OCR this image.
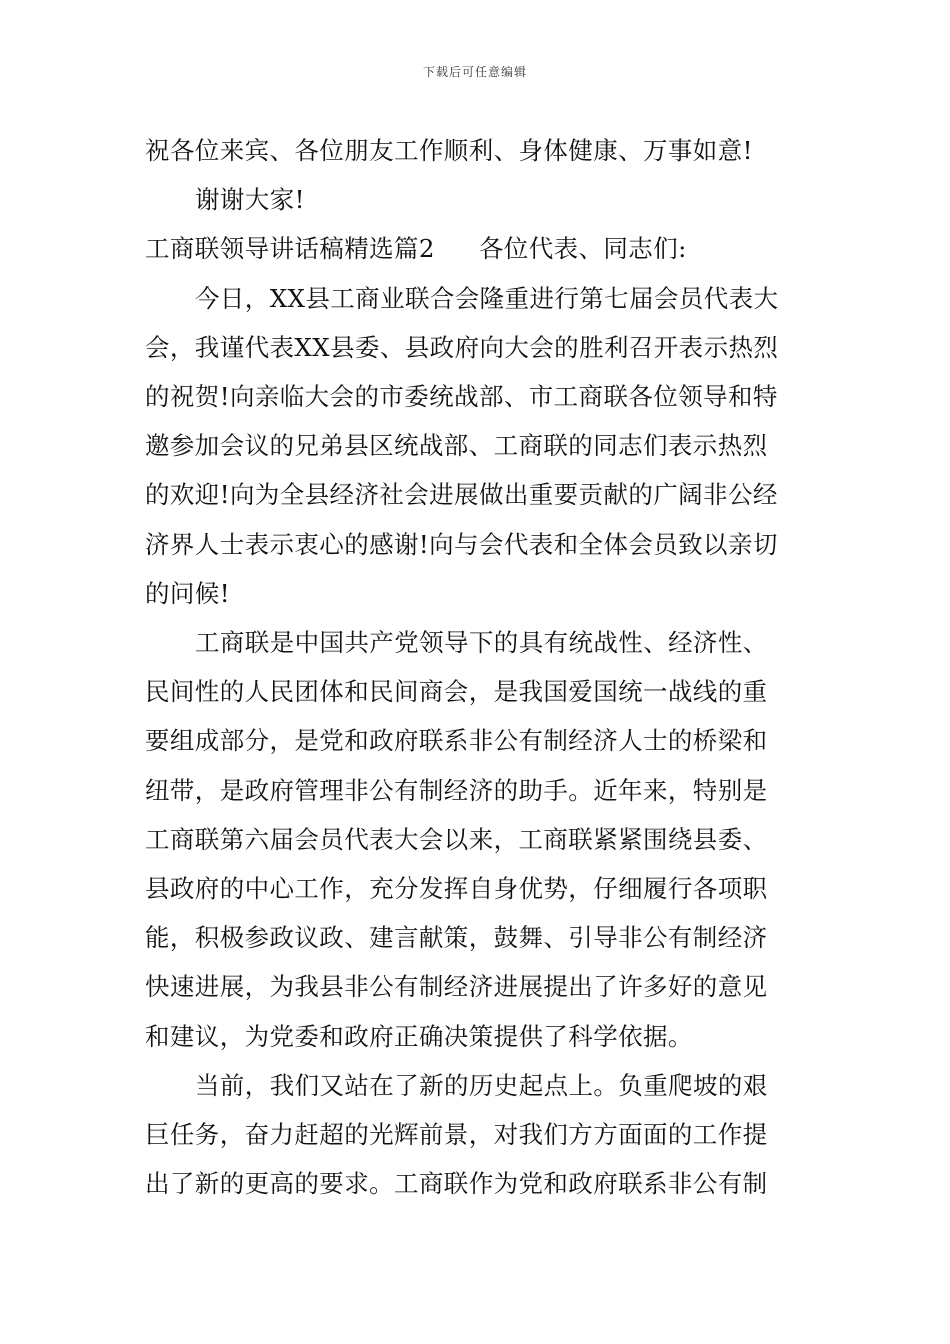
下载后可任意编辑

祝各位来宾、各位朋友工作顺利、身体健康、万事如意!

谢谢大家!

工商联领导讲话稿精选篇2 各位代表、同志们:

今日，XX县工商业联合会隆重进行第七届会员代表大
会，我谨代表XX县委、县政府向大会的胜利召开表示热烈
的祝贺!向亲临大会的市委统战部、市工商联各位领导和特
邀参加会议的兄弟县区统战部、工商联的同志们表示热烈
的欢迎!向为全县经济社会进展做出重要贡献的广阔非公经
济界人士表示衷心的感谢!向与会代表和全体会员致以亲切
的问候!

工商联是中国共产党领导下的具有统战性、经济性、
民间性的人民团体和民间商会，是我国爱国统一战线的重
要组成部分，是党和政府联系非公有制经济人士的桥梁和
纽带，是政府管理非公有制经济的助手。近年来，特别是
工商联第六届会员代表大会以来，工商联紧紧围绕县委、
县政府的中心工作，充分发挥自身优势，仔细履行各项职
能，积极参政议政、建言献策，鼓舞、引导非公有制经济
快速进展，为我县非公有制经济进展提出了许多好的意见
和建议，为党委和政府正确决策提供了科学依据。

当前，我们又站在了新的历史起点上。负重爬坡的艰
巨任务，奋力赶超的光辉前景，对我们方方面面的工作提
出了新的更高的要求。工商联作为党和政府联系非公有制
